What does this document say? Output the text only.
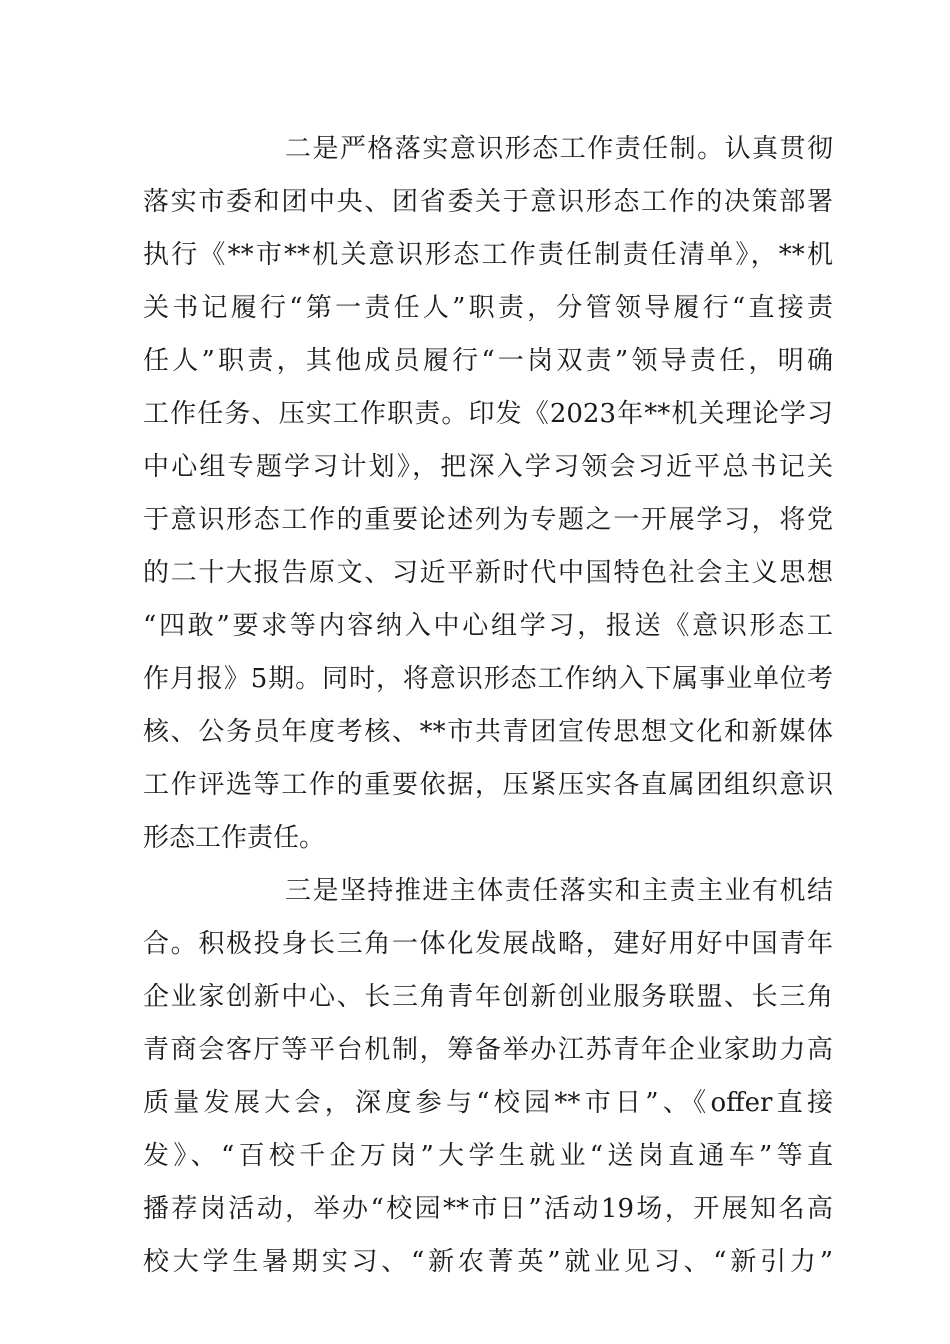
二是严格落实意识形态工作责任制。认真贯彻
落实市委和团中央、团省委关于意识形态工作的决策部署
执行《**市**机关意识形态工作责任制责任清单》，**机
关书记履行“第一责任人”职责，分管领导履行“直接责
任人”职责，其他成员履行“一岗双责”领导责任，明确
工作任务、压实工作职责。印发《2023年**机关理论学习
中心组专题学习计划》，把深入学习领会习近平总书记关
于意识形态工作的重要论述列为专题之一开展学习，将党
的二十大报告原文、习近平新时代中国特色社会主义思想
“四敢”要求等内容纳入中心组学习，报送《意识形态工
作月报》5期。同时，将意识形态工作纳入下属事业单位考
核、公务员年度考核、**市共青团宣传思想文化和新媒体
工作评选等工作的重要依据，压紧压实各直属团组织意识
形态工作责任。
三是坚持推进主体责任落实和主责主业有机结
合。积极投身长三角一体化发展战略，建好用好中国青年
企业家创新中心、长三角青年创新创业服务联盟、长三角
青商会客厅等平台机制，筹备举办江苏青年企业家助力高
质量发展大会，深度参与“校园**市日”、《offer直接
发》、“百校千企万岗”大学生就业“送岗直通车”等直
播荐岗活动，举办“校园**市日”活动19场，开展知名高
校大学生暑期实习、“新农菁英”就业见习、“新引力”
